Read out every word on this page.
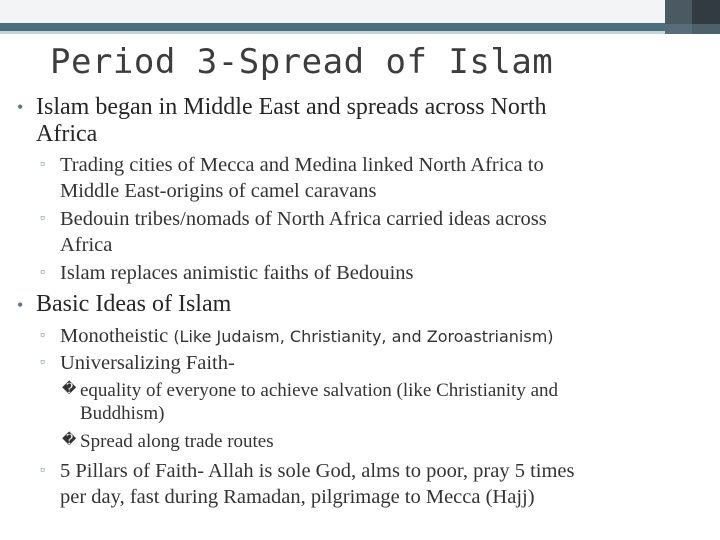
Period 3-Spread of Islam
• Islam began in Middle East and spreads across North

Africa

▫ Trading cities of Mecca and Medina linked North Africa to

Middle East-origins of camel caravans

▫ Bedouin tribes/nomads of North Africa carried ideas across

Africa

▫ Islam replaces animistic faiths of Bedouins

• Basic Ideas of Islam

▫ Monotheistic (Like Judaism, Christianity, and Zoroastrianism)

▫ Universalizing Faith-

� equality of everyone to achieve salvation (like Christianity and

Buddhism)

� Spread along trade routes

▫ 5 Pillars of Faith- Allah is sole God, alms to poor, pray 5 times

per day, fast during Ramadan, pilgrimage to Mecca (Hajj)
